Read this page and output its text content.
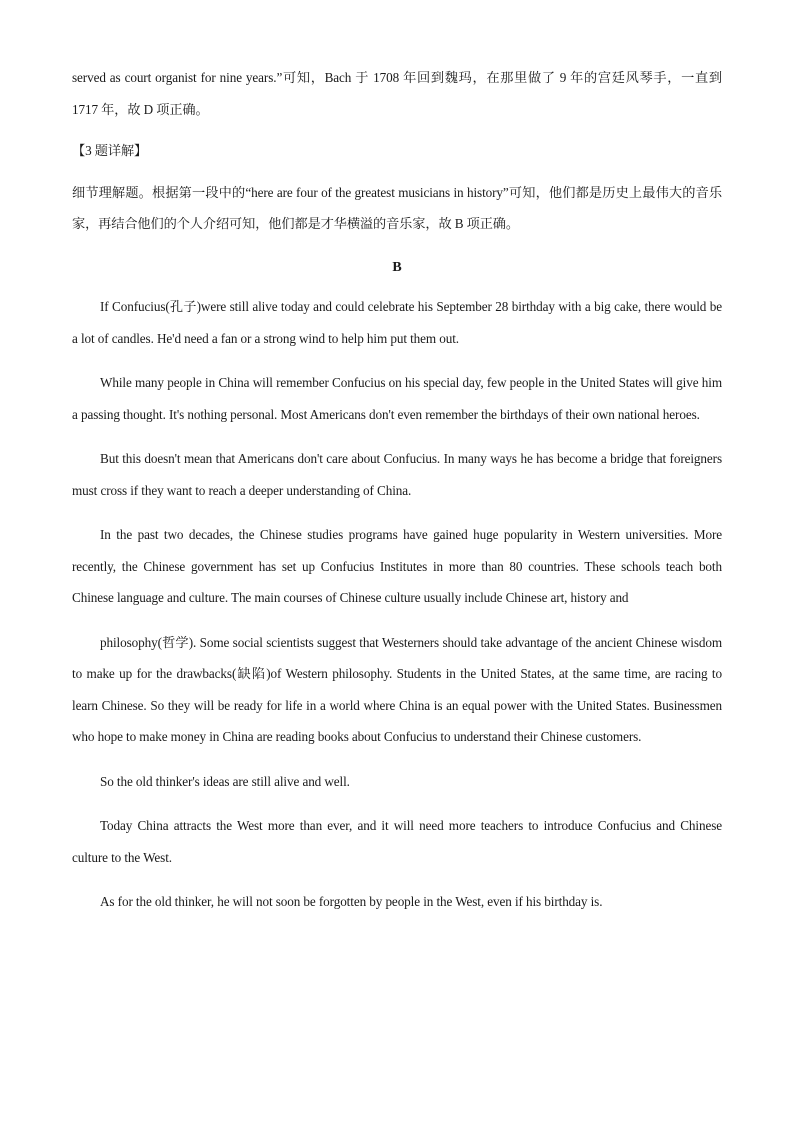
served as court organist for nine years.”可知，Bach 于 1708 年回到魏玛，在那里做了 9 年的宫廷风琴手，一直到 1717 年，故 D 项正确。

【3 题详解】

细节理解题。根据第一段中的“here are four of the greatest musicians in history”可知，他们都是历史上最伟大的音乐家，再结合他们的个人介绍可知，他们都是才华横溢的音乐家，故 B 项正确。

B

If Confucius(孔子)were still alive today and could celebrate his September 28 birthday with a big cake, there would be a lot of candles. He'd need a fan or a strong wind to help him put them out.

While many people in China will remember Confucius on his special day, few people in the United States will give him a passing thought. It's nothing personal. Most Americans don't even remember the birthdays of their own national heroes.

But this doesn't mean that Americans don't care about Confucius. In many ways he has become a bridge that foreigners must cross if they want to reach a deeper understanding of China.

In the past two decades, the Chinese studies programs have gained huge popularity in Western universities. More recently, the Chinese government has set up Confucius Institutes in more than 80 countries. These schools teach both Chinese language and culture. The main courses of Chinese culture usually include Chinese art, history and

philosophy(哲学). Some social scientists suggest that Westerners should take advantage of the ancient Chinese wisdom to make up for the drawbacks(缺陷)of Western philosophy. Students in the United States, at the same time, are racing to learn Chinese. So they will be ready for life in a world where China is an equal power with the United States. Businessmen who hope to make money in China are reading books about Confucius to understand their Chinese customers.

So the old thinker's ideas are still alive and well.

Today China attracts the West more than ever, and it will need more teachers to introduce Confucius and Chinese culture to the West.

As for the old thinker, he will not soon be forgotten by people in the West, even if his birthday is.
